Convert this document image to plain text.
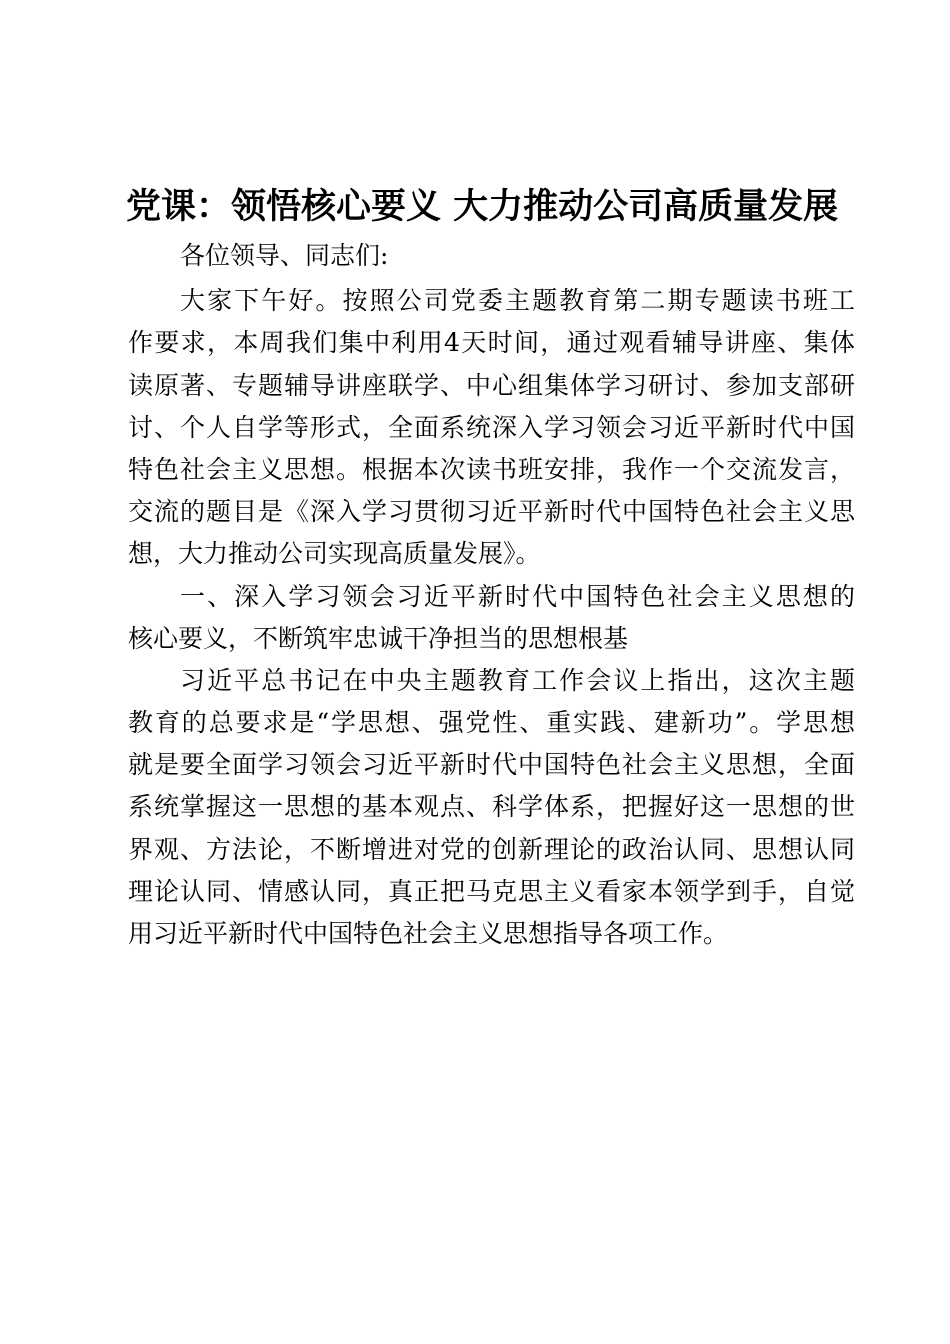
党课：领悟核心要义 大力推动公司高质量发展
各位领导、同志们:
大家下午好。按照公司党委主题教育第二期专题读书班工
作要求，本周我们集中利用4天时间，通过观看辅导讲座、集体
读原著、专题辅导讲座联学、中心组集体学习研讨、参加支部研
讨、个人自学等形式，全面系统深入学习领会习近平新时代中国
特色社会主义思想。根据本次读书班安排，我作一个交流发言，
交流的题目是《深入学习贯彻习近平新时代中国特色社会主义思
想，大力推动公司实现高质量发展》。
一、深入学习领会习近平新时代中国特色社会主义思想的
核心要义，不断筑牢忠诚干净担当的思想根基
习近平总书记在中央主题教育工作会议上指出，这次主题
教育的总要求是“学思想、强党性、重实践、建新功”。学思想
就是要全面学习领会习近平新时代中国特色社会主义思想，全面
系统掌握这一思想的基本观点、科学体系，把握好这一思想的世
界观、方法论，不断增进对党的创新理论的政治认同、思想认同
理论认同、情感认同，真正把马克思主义看家本领学到手，自觉
用习近平新时代中国特色社会主义思想指导各项工作。
